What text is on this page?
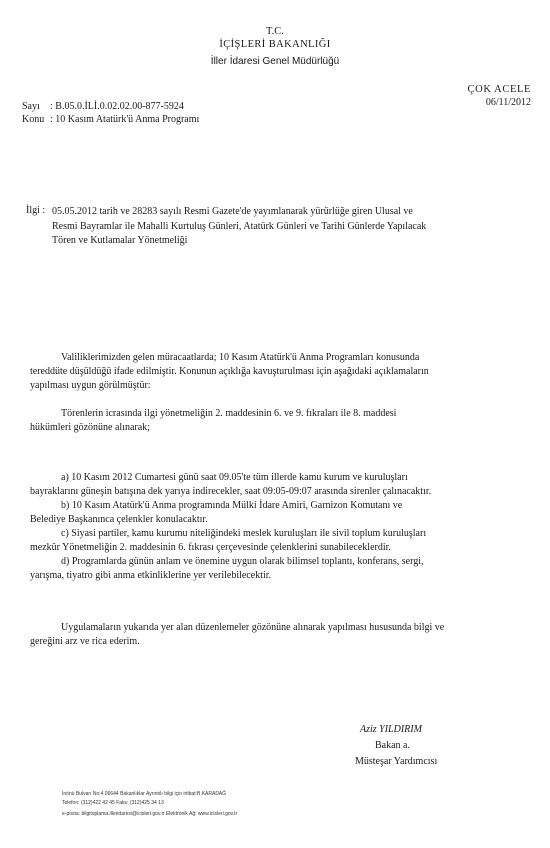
T.C.
İÇİŞLERİ BAKANLIĞI
İller İdaresi Genel Müdürlüğü
ÇOK ACELE
06/11/2012
Sayı : B.05.0.İLİ.0.02.02.00-877-5924
Konu : 10 Kasım Atatürk'ü Anma Programı
İlgi : 05.05.2012 tarih ve 28283 sayılı Resmi Gazete'de yayımlanarak yürürlüğe giren Ulusal ve
Resmi Bayramlar ile Mahalli Kurtuluş Günleri, Atatürk Günleri ve Tarihi Günlerde Yapılacak
Tören ve Kutlamalar Yönetmeliği
Valiliklerimizden gelen müracaatlarda; 10 Kasım Atatürk'ü Anma Programları konusunda
tereddüte düşüldüğü ifade edilmiştir. Konunun açıklığa kavuşturulması için aşağıdaki açıklamaların
yapılması uygun görülmüştür:
Törenlerin icrasında ilgi yönetmeliğin 2. maddesinin 6. ve 9. fıkraları ile 8. maddesi
hükümleri gözönüne alınarak;
a) 10 Kasım 2012 Cumartesi günü saat 09.05'te tüm illerde kamu kurum ve kuruluşları
bayraklarını güneşin batışına dek yarıya indirecekler, saat 09:05-09:07 arasında sirenler çalınacaktır.
b) 10 Kasım Atatürk'ü Anma programında Mülki İdare Amiri, Garnizon Komutanı ve
Belediye Başkanınca çelenkler konulacaktır.
c) Siyasi partiler, kamu kurumu niteliğindeki meslek kuruluşları ile sivil toplum kuruluşları
mezkûr Yönetmeliğin 2. maddesinin 6. fıkrası çerçevesinde çelenklerini sunabileceklerdir.
d) Programlarda günün anlam ve önemine uygun olarak bilimsel toplantı, konferans, sergi,
yarışma, tiyatro gibi anma etkinliklerine yer verilebilecektir.
Uygulamaların yukarıda yer alan düzenlemeler gözönüne alınarak yapılması hususunda bilgi ve
gereğini arz ve rica ederim.
Aziz YILDIRIM
Bakan a.
Müsteşar Yardımcısı
İnönü Bulvarı No:4 06644 Bakanlıklar Ayrıntılı bilgi için irtibat:B.KARADAĞ
Telefon: (312)422 42 45 Faks: (312)425 34 13
e-posta: bilgitoplama.illeridaresi@icisleri.gov.tr Elektronik Ağ: www.icisleri.gov.tr
